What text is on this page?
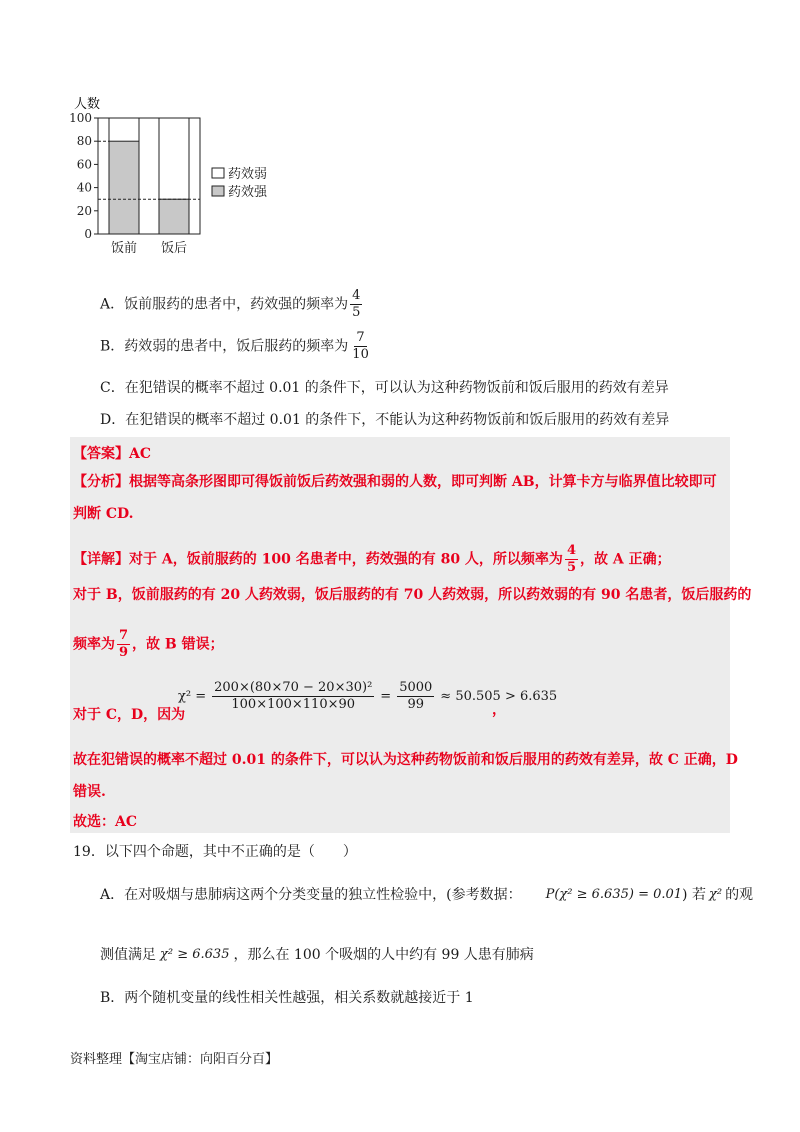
人数
0
20
40
60
80
100
饭前 饭后
药效弱
药效强
A．饭前服药的患者中，药效强的频率为 $\frac{4}{5}$
B．药效弱的患者中，饭后服药的频率为 $\frac{7}{10}$
C．在犯错误的概率不超过 0.01 的条件下，可以认为这种药物饭前和饭后服用的药效有差异
D．在犯错误的概率不超过 0.01 的条件下，不能认为这种药物饭前和饭后服用的药效有差异
【答案】AC
【分析】根据等高条形图即可得饭前饭后药效强和弱的人数，即可判断 AB，计算卡方与临界值比较即可
判断 CD.
【详解】对于 A，饭前服药的 100 名患者中，药效强的有 80 人，所以频率为 $\frac{4}{5}$ ，故 A 正确；
对于 B，饭前服药的有 20 人药效弱，饭后服药的有 70 人药效弱，所以药效弱的有 90 名患者，饭后服药的
频率为 $\frac{7}{9}$ ，故 B 错误；
对于 C，D，因为
$\chi^2 = \frac{\text{200×(80×70 − 20×30)²}}{100\times 100\times 110\times 90} = \frac{5000}{99} \approx 50.505 > 6.635$
，
故在犯错误的概率不超过 0.01 的条件下，可以认为这种药物饭前和饭后服用的药效有差异，故 C 正确，D
错误.
故选：AC
19．以下四个命题，其中不正确的是（　　）
A．在对吸烟与患肺病这两个分类变量的独立性检验中，(参考数据： P(χ² ≥ 6.635) = 0.01 ) 若 χ² 的观
测值满足 χ² ≥ 6.635 ，那么在 100 个吸烟的人中约有 99 人患有肺病
B．两个随机变量的线性相关性越强，相关系数就越接近于 1
资料整理【淘宝店铺：向阳百分百】
